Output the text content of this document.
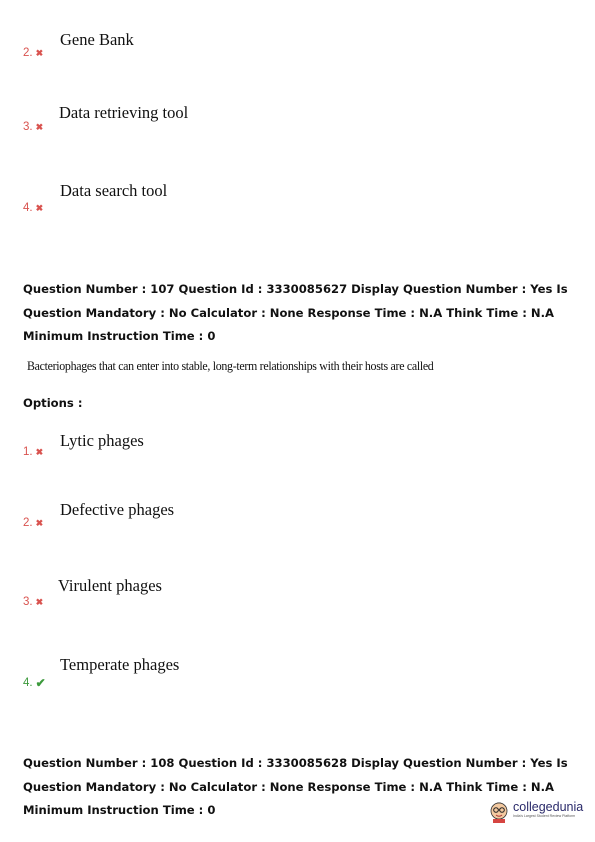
Gene Bank
2. ✖
Data retrieving tool
3. ✖
Data search tool
4. ✖
Question Number : 107 Question Id : 3330085627 Display Question Number : Yes Is Question Mandatory : No Calculator : None Response Time : N.A Think Time : N.A Minimum Instruction Time : 0
Bacteriophages that can enter into stable, long-term relationships with their hosts are called
Options :
Lytic phages
1. ✖
Defective phages
2. ✖
Virulent phages
3. ✖
Temperate phages
4. ✔
Question Number : 108 Question Id : 3330085628 Display Question Number : Yes Is Question Mandatory : No Calculator : None Response Time : N.A Think Time : N.A Minimum Instruction Time : 0	collegedunia
India's Largest Student Review Platform
